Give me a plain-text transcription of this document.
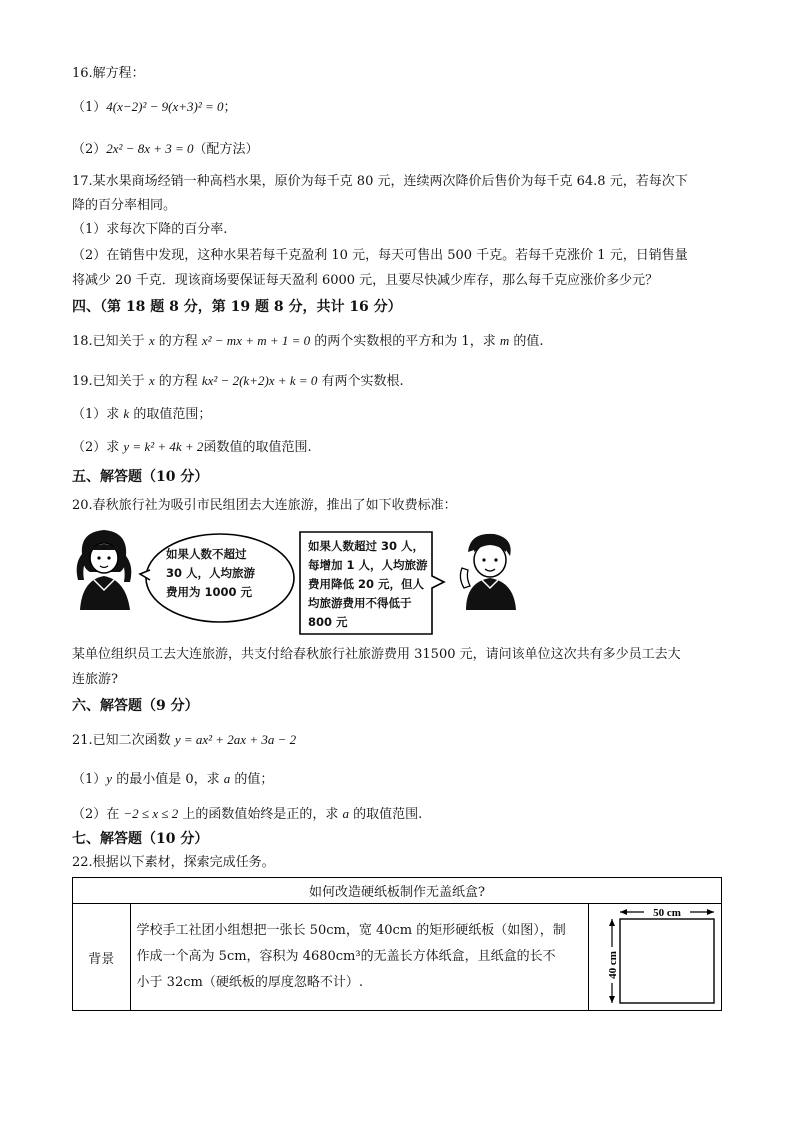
16.解方程：
（1）4(x−2)² − 9(x+3)² = 0；
（2）2x² − 8x + 3 = 0（配方法）
17.某水果商场经销一种高档水果，原价为每千克 80 元，连续两次降价后售价为每千克 64.8 元，若每次下
降的百分率相同。
（1）求每次下降的百分率.
（2）在销售中发现，这种水果若每千克盈利 10 元，每天可售出 500 千克。若每千克涨价 1 元，日销售量
将减少 20 千克．现该商场要保证每天盈利 6000 元，且要尽快减少库存，那么每千克应涨价多少元？
四、（第 18 题 8 分，第 19 题 8 分，共计 16 分）
18.已知关于 x 的方程 x² − mx + m + 1 = 0 的两个实数根的平方和为 1，求 m 的值.
19.已知关于 x 的方程 kx² − 2(k+2)x + k = 0 有两个实数根.
（1）求 k 的取值范围；
（2）求 y = k² + 4k + 2函数值的取值范围.
五、解答题（10 分）
20.春秋旅行社为吸引市民组团去大连旅游，推出了如下收费标准：
如果人数不超过
30 人，人均旅游
费用为 1000 元
如果人数超过 30 人，
每增加 1 人，人均旅游
费用降低 20 元，但人
均旅游费用不得低于
800 元
某单位组织员工去大连旅游，共支付给春秋旅行社旅游费用 31500 元，请问该单位这次共有多少员工去大
连旅游?
六、解答题（9 分）
21.已知二次函数 y = ax² + 2ax + 3a − 2
（1）y 的最小值是 0，求 a 的值；
（2）在 −2 ≤ x ≤ 2 上的函数值始终是正的，求 a 的取值范围.
七、解答题（10 分）
22.根据以下素材，探索完成任务。
如何改造硬纸板制作无盖纸盒?
背景	
学校手工社团小组想把一张长 50cm，宽 40cm 的矩形硬纸板（如图），制
作成一个高为 5cm，容积为 4680cm³的无盖长方体纸盒，且纸盒的长不
小于 32cm（硬纸板的厚度忽略不计）.

50 cm
40 cm
